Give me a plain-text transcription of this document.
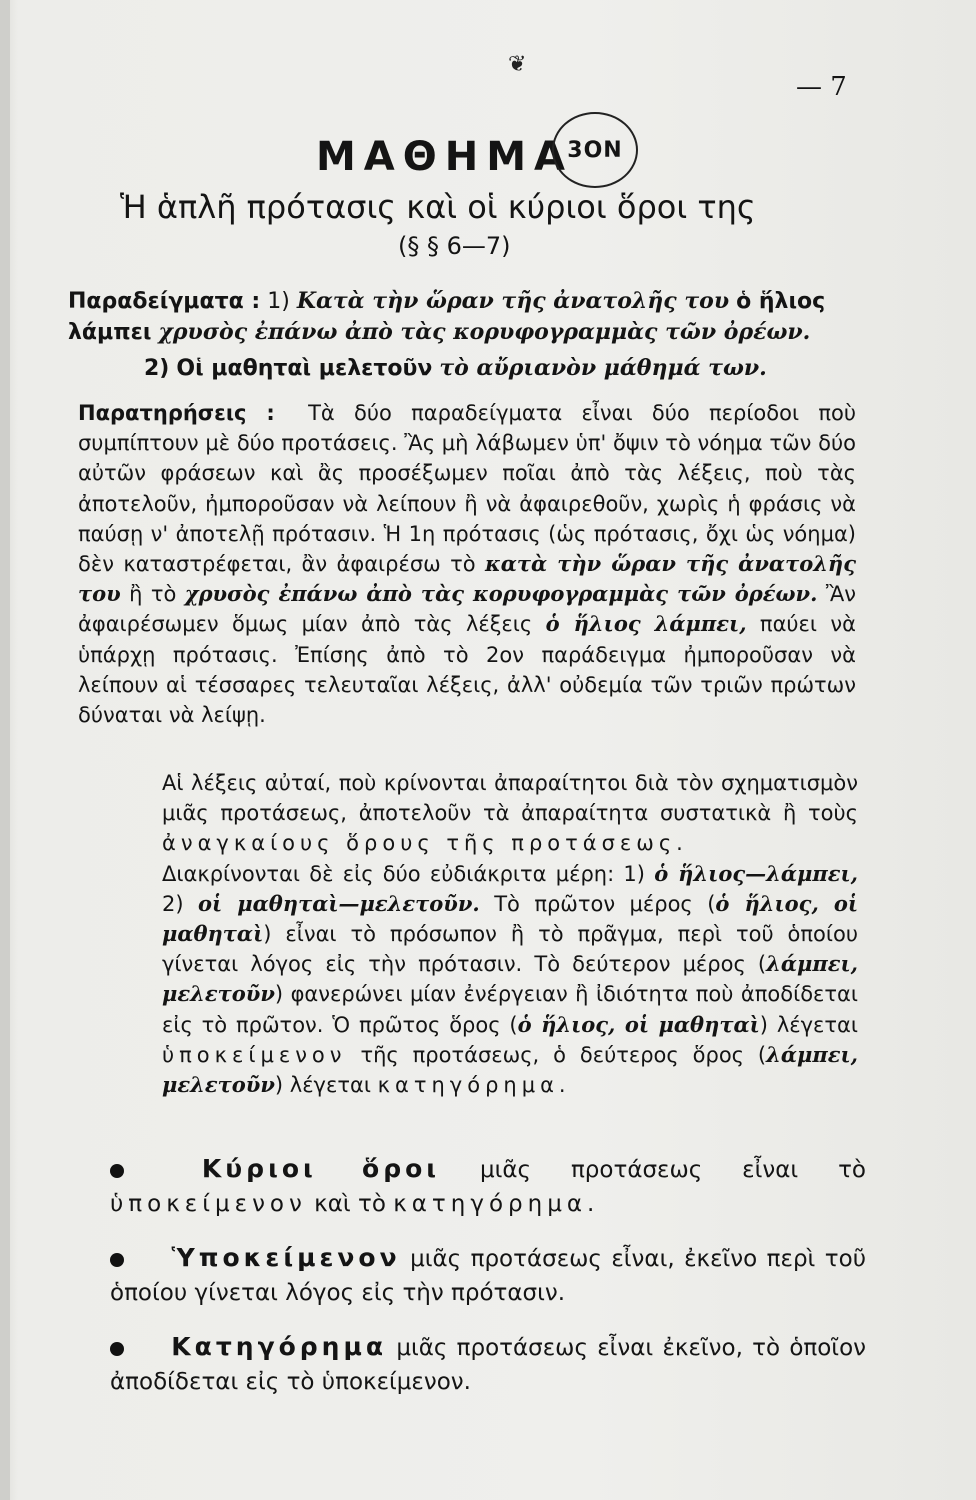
❦
— 7
ΜΑΘΗΜΑ
3ΟΝ
Ἡ ἁπλῆ πρότασις καὶ οἱ κύριοι ὅροι της
(§ § 6—7)
Παραδείγματα : 1) Κατὰ τὴν ὥραν τῆς ἀνατολῆς του ὁ ἥλιος λάμπει χρυσὸς ἐπάνω ἀπὸ τὰς κορυφογραμμὰς τῶν ὀρέων.
2) Οἱ μαθηταὶ μελετοῦν τὸ αὔριανὸν μάθημά των.
Παρατηρήσεις : Τὰ δύο παραδείγματα εἶναι δύο περίοδοι ποὺ συμπίπτουν μὲ δύο προτάσεις. Ἂς μὴ λάβωμεν ὑπ' ὄψιν τὸ νόημα τῶν δύο αὐτῶν φράσεων καὶ ἂς προσέξωμεν ποῖαι ἀπὸ τὰς λέξεις, ποὺ τὰς ἀποτελοῦν, ἠμποροῦσαν νὰ λείπουν ἢ νὰ ἀφαιρεθοῦν, χωρὶς ἡ φράσις νὰ παύσῃ ν' ἀποτελῇ πρότασιν. Ἡ 1η πρότασις (ὡς πρότασις, ὄχι ὡς νόημα) δὲν καταστρέφεται, ἂν ἀφαιρέσω τὸ κατὰ τὴν ὥραν τῆς ἀνατολῆς του ἢ τὸ χρυσὸς ἐπάνω ἀπὸ τὰς κορυφογραμμὰς τῶν ὀρέων. Ἂν ἀφαιρέσωμεν ὅμως μίαν ἀπὸ τὰς λέξεις ὁ ἥλιος λάμπει, παύει νὰ ὑπάρχῃ πρότασις. Ἐπίσης ἀπὸ τὸ 2ον παράδειγμα ἠμποροῦσαν νὰ λείπουν αἱ τέσσαρες τελευταῖαι λέξεις, ἀλλ' οὐδεμία τῶν τριῶν πρώτων δύναται νὰ λείψῃ.
Αἱ λέξεις αὐταί, ποὺ κρίνονται ἀπαραίτητοι διὰ τὸν σχηματισμὸν μιᾶς προτάσεως, ἀποτελοῦν τὰ ἀπαραίτητα συστατικὰ ἢ τοὺς ἀναγκαίους ὅρους τῆς προτάσεως.
Διακρίνονται δὲ εἰς δύο εὐδιάκριτα μέρη: 1) ὁ ἥλιος—λάμπει, 2) οἱ μαθηταὶ—μελετοῦν. Τὸ πρῶτον μέρος (ὁ ἥλιος, οἱ μαθηταὶ) εἶναι τὸ πρόσωπον ἢ τὸ πρᾶγμα, περὶ τοῦ ὁποίου γίνεται λόγος εἰς τὴν πρότασιν. Τὸ δεύτερον μέρος (λάμπει, μελετοῦν) φανερώνει μίαν ἐνέργειαν ἢ ἰδιότητα ποὺ ἀποδίδεται εἰς τὸ πρῶτον. Ὁ πρῶτος ὅρος (ὁ ἥλιος, οἱ μαθηταὶ) λέγεται ὑποκείμενον τῆς προτάσεως, ὁ δεύτερος ὅρος (λάμπει, μελετοῦν) λέγεται κατηγόρημα.
Κύριοι ὅροι μιᾶς προτάσεως εἶναι τὸ ὑποκείμενον καὶ τὸ κατηγόρημα.
Ὑποκείμενον μιᾶς προτάσεως εἶναι, ἐκεῖνο περὶ τοῦ ὁποίου γίνεται λόγος εἰς τὴν πρότασιν.
Κατηγόρημα μιᾶς προτάσεως εἶναι ἐκεῖνο, τὸ ὁποῖον ἀποδίδεται εἰς τὸ ὑποκείμενον.
